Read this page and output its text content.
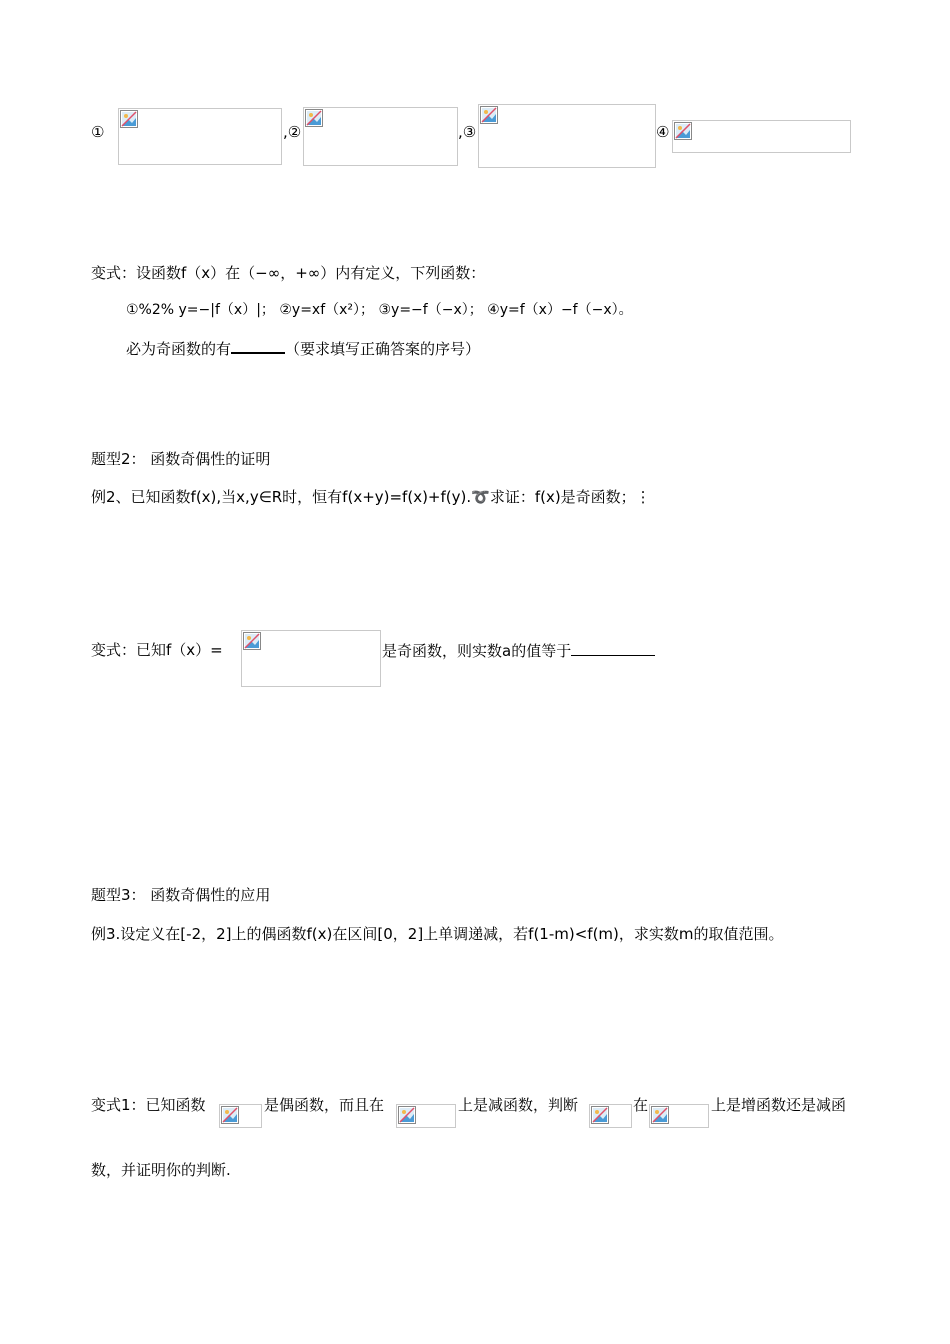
①	,②	,③	④
变式：设函数f（x）在（−∞，+∞）内有定义，下列函数：
①%2% y=−|f（x）|； ②y=xf（x²）； ③y=−f（−x）； ④y=f（x）−f（−x）。
必为奇函数的有	（要求填写正确答案的序号）
题型2： 函数奇偶性的证明
例2、已知函数f(x),当x,y∈R时，恒有f(x+y)=f(x)+f(y).➰求证：f(x)是奇函数；⋮
变式：已知f（x）=	是奇函数，则实数a的值等于
题型3： 函数奇偶性的应用
例3.设定义在[-2，2]上的偶函数f(x)在区间[0，2]上单调递减，若f(1-m)<f(m)，求实数m的取值范围。
变式1：已知函数	是偶函数，而且在	上是减函数，判断	在	上是增函数还是减函
数，并证明你的判断.
